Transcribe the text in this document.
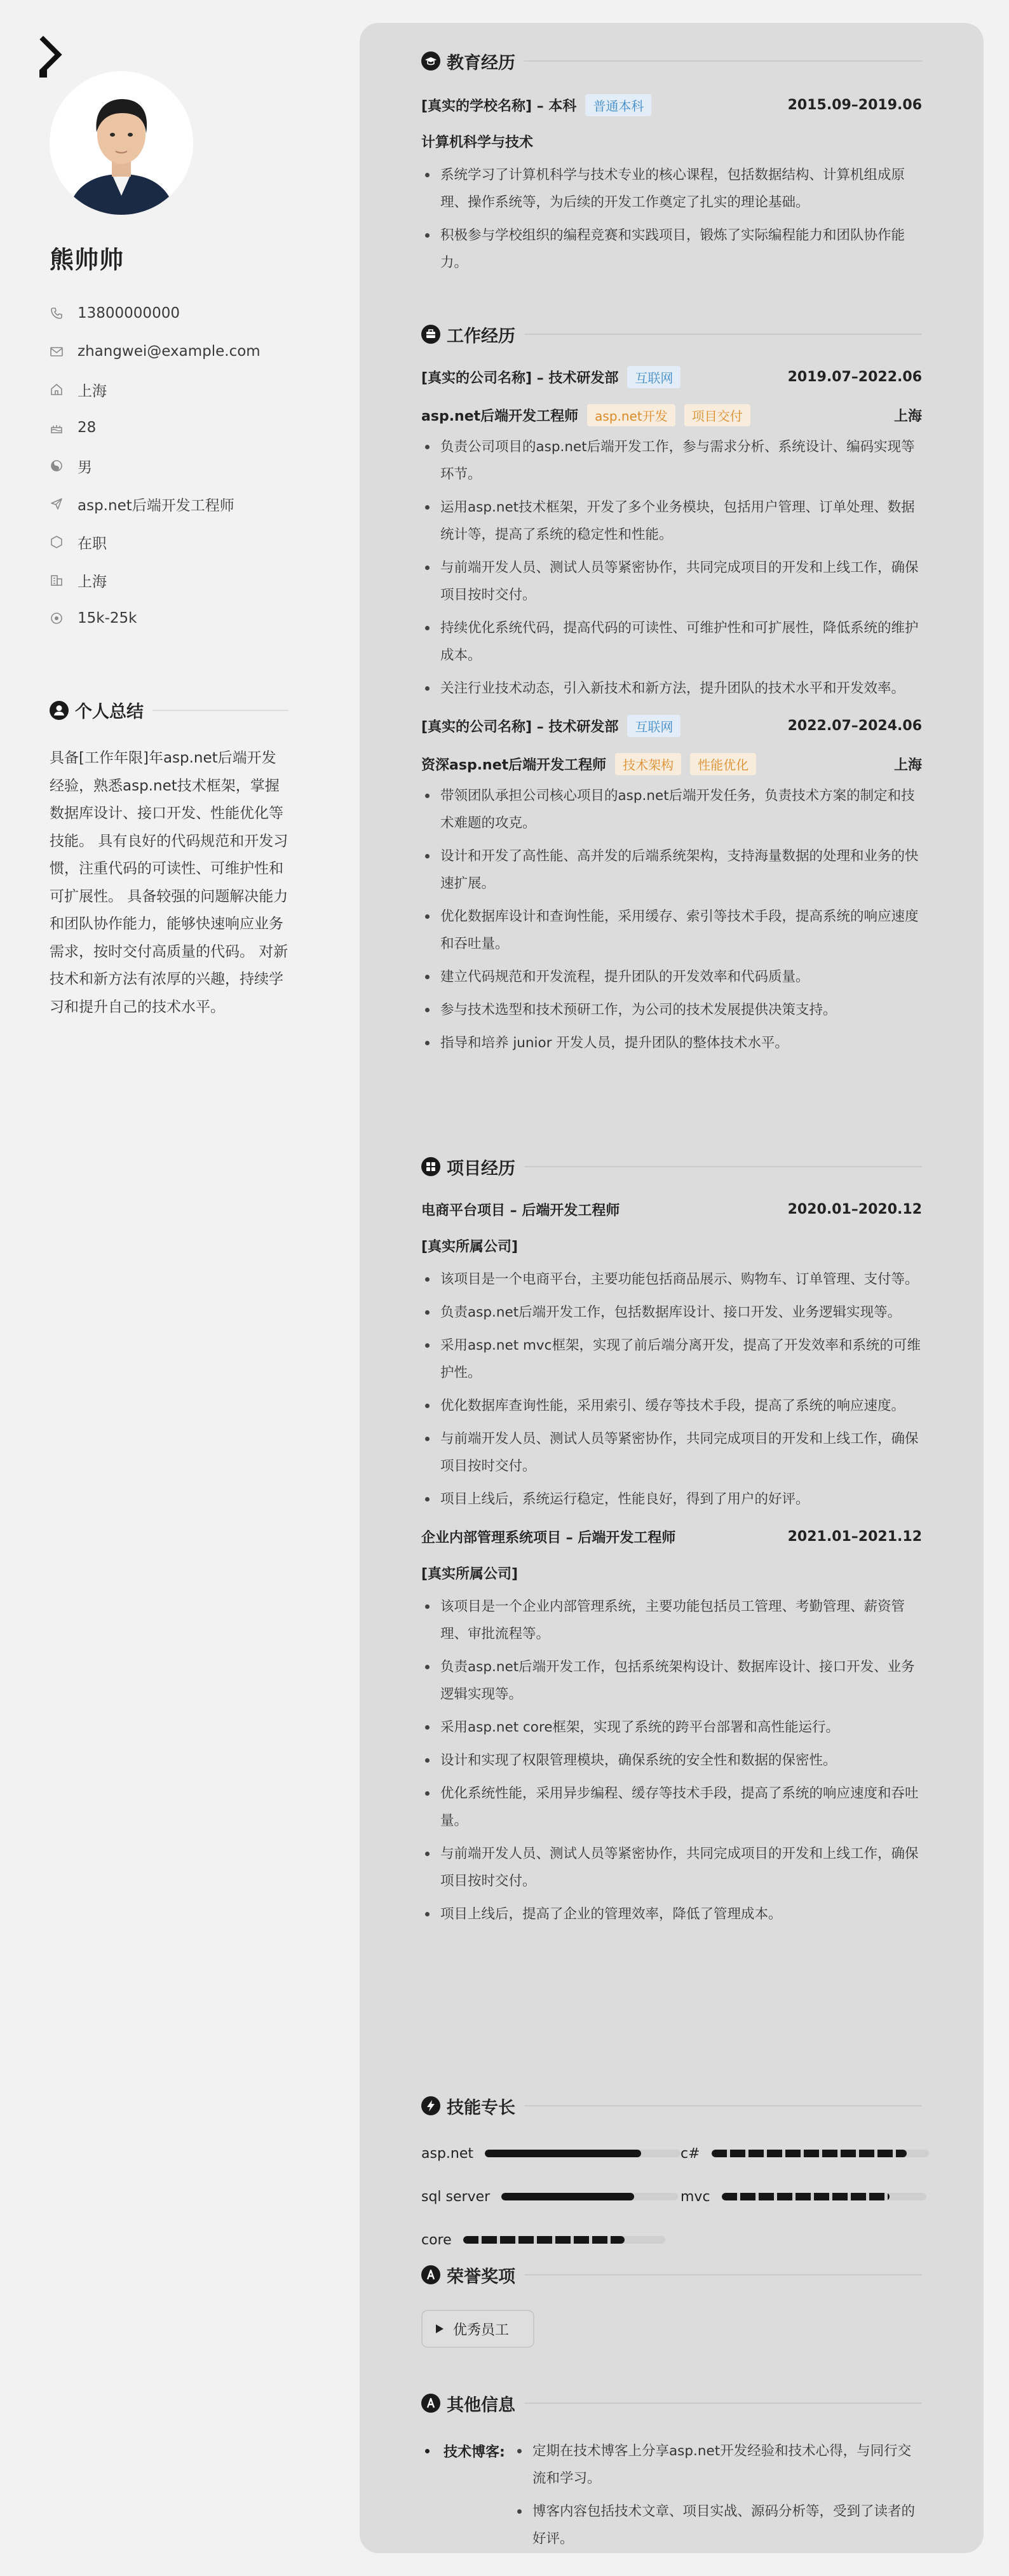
熊帅帅
13800000000
zhangwei@example.com
上海
28
男
asp.net后端开发工程师
在职
上海
15k-25k
个人总结
具备[工作年限]年asp.net后端开发经验，熟悉asp.net技术框架，掌握数据库设计、接口开发、性能优化等技能。 具有良好的代码规范和开发习惯，注重代码的可读性、可维护性和可扩展性。 具备较强的问题解决能力和团队协作能力，能够快速响应业务需求，按时交付高质量的代码。 对新技术和新方法有浓厚的兴趣，持续学习和提升自己的技术水平。
教育经历
[真实的学校名称] – 本科	普通本科	2015.09–2019.06
计算机科学与技术
系统学习了计算机科学与技术专业的核心课程，包括数据结构、计算机组成原理、操作系统等，为后续的开发工作奠定了扎实的理论基础。
积极参与学校组织的编程竞赛和实践项目，锻炼了实际编程能力和团队协作能力。
工作经历
[真实的公司名称] – 技术研发部	互联网	2019.07–2022.06
asp.net后端开发工程师	asp.net开发	项目交付	上海
负责公司项目的asp.net后端开发工作，参与需求分析、系统设计、编码实现等环节。
运用asp.net技术框架，开发了多个业务模块，包括用户管理、订单处理、数据统计等，提高了系统的稳定性和性能。
与前端开发人员、测试人员等紧密协作，共同完成项目的开发和上线工作，确保项目按时交付。
持续优化系统代码，提高代码的可读性、可维护性和可扩展性，降低系统的维护成本。
关注行业技术动态，引入新技术和新方法，提升团队的技术水平和开发效率。
[真实的公司名称] – 技术研发部	互联网	2022.07–2024.06
资深asp.net后端开发工程师	技术架构	性能优化	上海
带领团队承担公司核心项目的asp.net后端开发任务，负责技术方案的制定和技术难题的攻克。
设计和开发了高性能、高并发的后端系统架构，支持海量数据的处理和业务的快速扩展。
优化数据库设计和查询性能，采用缓存、索引等技术手段，提高系统的响应速度和吞吐量。
建立代码规范和开发流程，提升团队的开发效率和代码质量。
参与技术选型和技术预研工作，为公司的技术发展提供决策支持。
指导和培养 junior 开发人员，提升团队的整体技术水平。
项目经历
电商平台项目 – 后端开发工程师	2020.01–2020.12
[真实所属公司]
该项目是一个电商平台，主要功能包括商品展示、购物车、订单管理、支付等。
负责asp.net后端开发工作，包括数据库设计、接口开发、业务逻辑实现等。
采用asp.net mvc框架，实现了前后端分离开发，提高了开发效率和系统的可维护性。
优化数据库查询性能，采用索引、缓存等技术手段，提高了系统的响应速度。
与前端开发人员、测试人员等紧密协作，共同完成项目的开发和上线工作，确保项目按时交付。
项目上线后，系统运行稳定，性能良好，得到了用户的好评。
企业内部管理系统项目 – 后端开发工程师	2021.01–2021.12
[真实所属公司]
该项目是一个企业内部管理系统，主要功能包括员工管理、考勤管理、薪资管理、审批流程等。
负责asp.net后端开发工作，包括系统架构设计、数据库设计、接口开发、业务逻辑实现等。
采用asp.net core框架，实现了系统的跨平台部署和高性能运行。
设计和实现了权限管理模块，确保系统的安全性和数据的保密性。
优化系统性能，采用异步编程、缓存等技术手段，提高了系统的响应速度和吞吐量。
与前端开发人员、测试人员等紧密协作，共同完成项目的开发和上线工作，确保项目按时交付。
项目上线后，提高了企业的管理效率，降低了管理成本。
技能专长
asp.net	c#
sql server	mvc
core
荣誉奖项
优秀员工
其他信息
技术博客:	定期在技术博客上分享asp.net开发经验和技术心得，与同行交流和学习。
博客内容包括技术文章、项目实战、源码分析等，受到了读者的好评。
